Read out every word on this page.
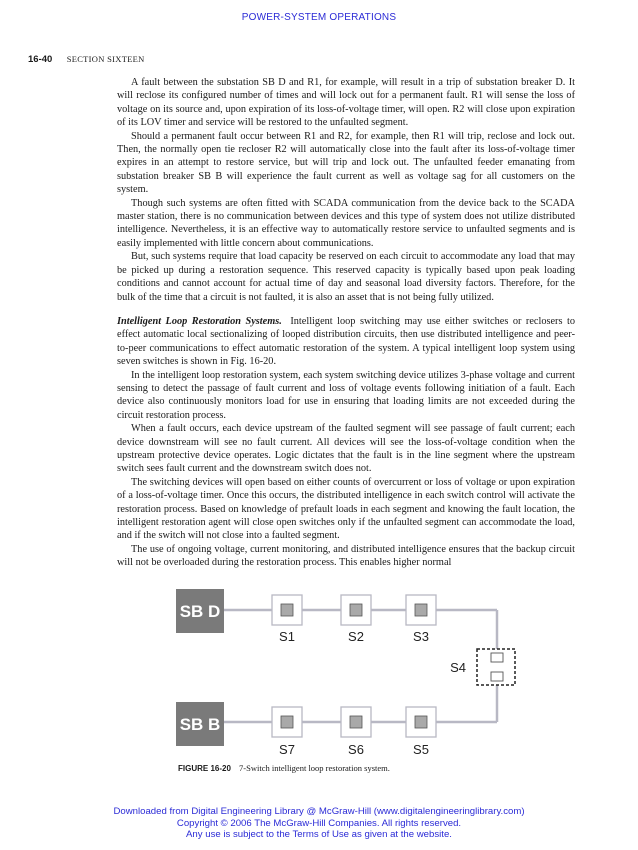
POWER-SYSTEM OPERATIONS
16-40 SECTION SIXTEEN

A fault between the substation SB D and R1, for example, will result in a trip of substation breaker D. It will reclose its configured number of times and will lock out for a permanent fault. R1 will sense the loss of voltage on its source and, upon expiration of its loss-of-voltage timer, will open. R2 will close upon expiration of its LOV timer and service will be restored to the unfaulted segment.

Should a permanent fault occur between R1 and R2, for example, then R1 will trip, reclose and lock out. Then, the normally open tie recloser R2 will automatically close into the fault after its loss-of-voltage timer expires in an attempt to restore service, but will trip and lock out. The unfaulted feeder emanating from substation breaker SB B will experience the fault current as well as voltage sag for all customers on the system.

Though such systems are often fitted with SCADA communication from the device back to the SCADA master station, there is no communication between devices and this type of system does not utilize distributed intelligence. Nevertheless, it is an effective way to automatically restore service to unfaulted segments and is easily implemented with little concern about communications.

But, such systems require that load capacity be reserved on each circuit to accommodate any load that may be picked up during a restoration sequence. This reserved capacity is typically based upon peak loading conditions and cannot account for actual time of day and seasonal load diversity factors. Therefore, for the bulk of the time that a circuit is not faulted, it is also an asset that is not being fully utilized.

Intelligent Loop Restoration Systems. Intelligent loop switching may use either switches or reclosers to effect automatic local sectionalizing of looped distribution circuits, then use distributed intelligence and peer-to-peer communications to effect automatic restoration of the system. A typical intelligent loop system using seven switches is shown in Fig. 16-20.

In the intelligent loop restoration system, each system switching device utilizes 3-phase voltage and current sensing to detect the passage of fault current and loss of voltage events following initiation of a fault. Each device also continuously monitors load for use in ensuring that loading limits are not exceeded during the circuit restoration process.

When a fault occurs, each device upstream of the faulted segment will see passage of fault current; each device downstream will see no fault current. All devices will see the loss-of-voltage condition when the upstream protective device operates. Logic dictates that the fault is in the line segment where the upstream switch sees fault current and the downstream switch does not.

The switching devices will open based on either counts of overcurrent or loss of voltage or upon expiration of a loss-of-voltage timer. Once this occurs, the distributed intelligence in each switch control will activate the restoration process. Based on knowledge of prefault loads in each segment and knowing the fault location, the intelligent restoration agent will close open switches only if the unfaulted segment can accommodate the load, and if the switch will not close into a faulted segment.

The use of ongoing voltage, current monitoring, and distributed intelligence ensures that the backup circuit will not be overloaded during the restoration process. This enables higher normal

SB D
SB B
S1	S2	S3
S4
S7	S6	S5
FIGURE 16-20 7-Switch intelligent loop restoration system.
Downloaded from Digital Engineering Library @ McGraw-Hill (www.digitalengineeringlibrary.com)
Copyright © 2006 The McGraw-Hill Companies. All rights reserved.
Any use is subject to the Terms of Use as given at the website.
